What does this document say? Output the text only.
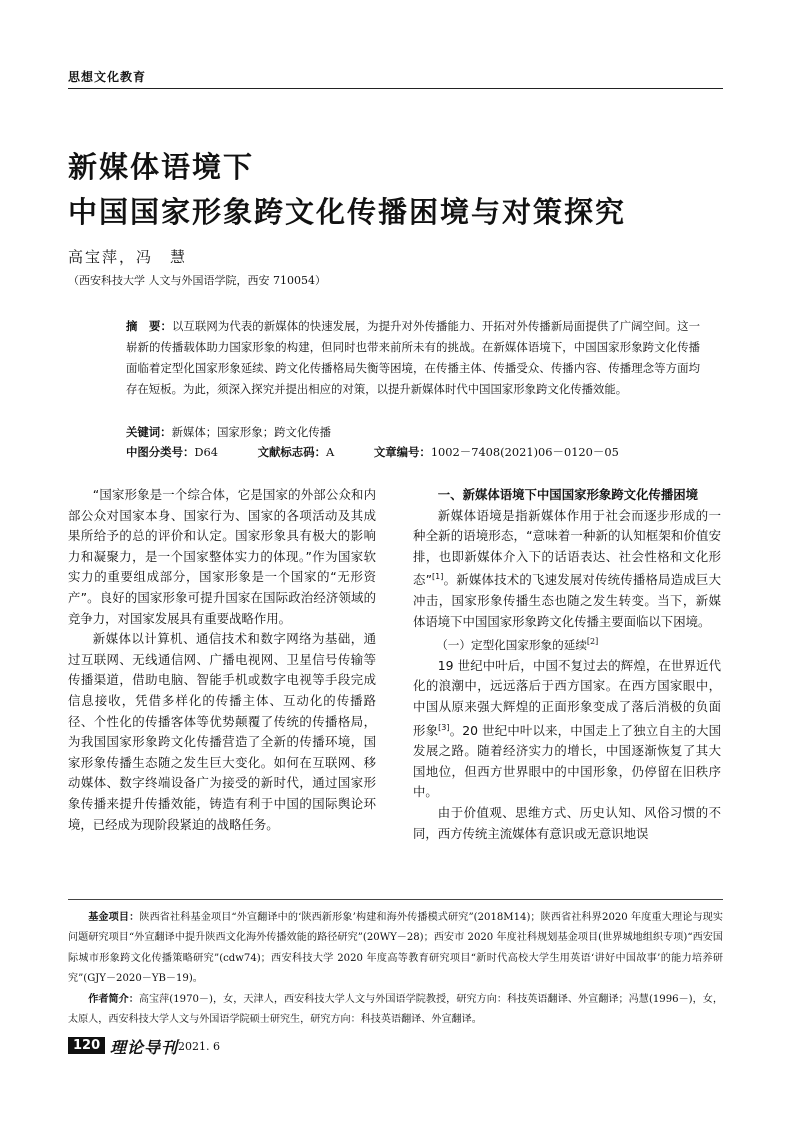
思想文化教育
新媒体语境下
中国国家形象跨文化传播困境与对策探究
高宝萍，冯　慧
（西安科技大学 人文与外国语学院，西安 710054）
摘　要：以互联网为代表的新媒体的快速发展，为提升对外传播能力、开拓对外传播新局面提供了广阔空间。这一崭新的传播载体助力国家形象的构建，但同时也带来前所未有的挑战。在新媒体语境下，中国国家形象跨文化传播面临着定型化国家形象延续、跨文化传播格局失衡等困境，在传播主体、传播受众、传播内容、传播理念等方面均存在短板。为此，须深入探究并提出相应的对策，以提升新媒体时代中国国家形象跨文化传播效能。
关键词：新媒体；国家形象；跨文化传播
中图分类号：D64	文献标志码：A	文章编号：1002－7408(2021)06－0120－05

“国家形象是一个综合体，它是国家的外部公众和内部公众对国家本身、国家行为、国家的各项活动及其成果所给予的总的评价和认定。国家形象具有极大的影响力和凝聚力，是一个国家整体实力的体现。”作为国家软实力的重要组成部分，国家形象是一个国家的“无形资产”。良好的国家形象可提升国家在国际政治经济领域的竞争力，对国家发展具有重要战略作用。

新媒体以计算机、通信技术和数字网络为基础，通过互联网、无线通信网、广播电视网、卫星信号传输等传播渠道，借助电脑、智能手机或数字电视等手段完成信息接收，凭借多样化的传播主体、互动化的传播路径、个性化的传播客体等优势颠覆了传统的传播格局，为我国国家形象跨文化传播营造了全新的传播环境，国家形象传播生态随之发生巨大变化。如何在互联网、移动媒体、数字终端设备广为接受的新时代，通过国家形象传播来提升传播效能，铸造有利于中国的国际舆论环境，已经成为现阶段紧迫的战略任务。

一、新媒体语境下中国国家形象跨文化传播困境

新媒体语境是指新媒体作用于社会而逐步形成的一种全新的语境形态，“意味着一种新的认知框架和价值安排，也即新媒体介入下的话语表达、社会性格和文化形态”[1]。新媒体技术的飞速发展对传统传播格局造成巨大冲击，国家形象传播生态也随之发生转变。当下，新媒体语境下中国国家形象跨文化传播主要面临以下困境。

（一）定型化国家形象的延续[2]

19 世纪中叶后，中国不复过去的辉煌，在世界近代化的浪潮中，远远落后于西方国家。在西方国家眼中，中国从原来强大辉煌的正面形象变成了落后消极的负面形象[3]。20 世纪中叶以来，中国走上了独立自主的大国发展之路。随着经济实力的增长，中国逐渐恢复了其大国地位，但西方世界眼中的中国形象，仍停留在旧秩序中。

由于价值观、思维方式、历史认知、风俗习惯的不同，西方传统主流媒体有意识或无意识地误

基金项目：陕西省社科基金项目“外宣翻译中的‘陕西新形象’构建和海外传播模式研究”(2018M14)；陕西省社科界2020 年度重大理论与现实问题研究项目“外宣翻译中提升陕西文化海外传播效能的路径研究”(20WY－28)；西安市 2020 年度社科规划基金项目(世界城地组织专项)“西安国际城市形象跨文化传播策略研究”(cdw74)；西安科技大学 2020 年度高等教育研究项目“新时代高校大学生用英语‘讲好中国故事’的能力培养研究”(GJY－2020－YB－19)。

作者简介：高宝萍(1970－)，女，天津人，西安科技大学人文与外国语学院教授，研究方向：科技英语翻译、外宣翻译；冯慧(1996－)，女，太原人，西安科技大学人文与外国语学院硕士研究生，研究方向：科技英语翻译、外宣翻译。

120 理论导刊 2021. 6
